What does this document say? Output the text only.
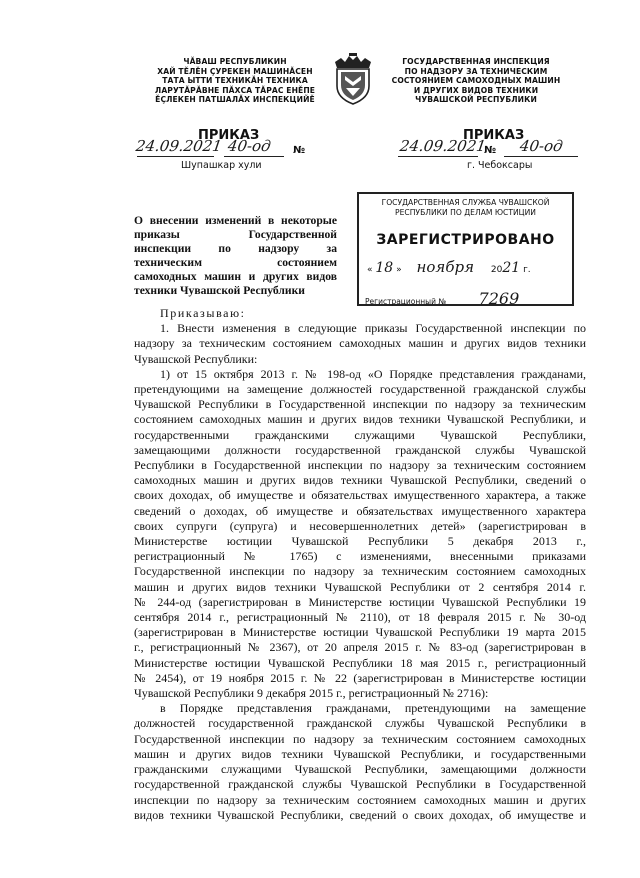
ЧĂВАШ РЕСПУБЛИКИН
ХАЙ ТĔЛĔН ÇУРЕКЕН МАШИНĂСЕН
ТАТА ЫТТИ ТЕХНИКĂН ТЕХНИКА
ЛАРУТĂРĂВНЕ ПĂХСА ТĂРАС ЕНĔПЕ
ĔÇЛЕКЕН ПАТШАЛĂХ ИНСПЕКЦИЙĔ
ГОСУДАРСТВЕННАЯ ИНСПЕКЦИЯ
ПО НАДЗОРУ ЗА ТЕХНИЧЕСКИМ
СОСТОЯНИЕМ САМОХОДНЫХ МАШИН
И ДРУГИХ ВИДОВ ТЕХНИКИ
ЧУВАШСКОЙ РЕСПУБЛИКИ
ПРИКАЗ
24.09.2021 40-од №
Шупашкар хули
ПРИКАЗ
24.09.2021
№ 40-од
г. Чебоксары
О внесении изменений в некоторые
приказы Государственной
инспекции по надзору за
техническим состоянием
самоходных машин и других видов
техники Чувашской Республики
ГОСУДАРСТВЕННАЯ СЛУЖБА ЧУВАШСКОЙ
РЕСПУБЛИКИ ПО ДЕЛАМ ЮСТИЦИИ
ЗАРЕГИСТРИРОВАНО
« 18 » ноября 2021 г.
Регистрационный № 7269
Приказываю:
1. Внести изменения в следующие приказы Государственной инспекции по
надзору за техническим состоянием самоходных машин и других видов техники
Чувашской Республики:
1) от 15 октября 2013 г. № 198-од «О Порядке представления гражданами,
претендующими на замещение должностей государственной гражданской службы
Чувашской Республики в Государственной инспекции по надзору за техническим
состоянием самоходных машин и других видов техники Чувашской Республики, и
государственными гражданскими служащими Чувашской Республики,
замещающими должности государственной гражданской службы Чувашской
Республики в Государственной инспекции по надзору за техническим состоянием
самоходных машин и других видов техники Чувашской Республики, сведений о
своих доходах, об имуществе и обязательствах имущественного характера, а также
сведений о доходах, об имуществе и обязательствах имущественного характера
своих супруги (супруга) и несовершеннолетних детей» (зарегистрирован в
Министерстве юстиции Чувашской Республики 5 декабря 2013 г.,
регистрационный № 1765) с изменениями, внесенными приказами
Государственной инспекции по надзору за техническим состоянием самоходных
машин и других видов техники Чувашской Республики от 2 сентября 2014 г.
№ 244-од (зарегистрирован в Министерстве юстиции Чувашской Республики 19
сентября 2014 г., регистрационный № 2110), от 18 февраля 2015 г. № 30-од
(зарегистрирован в Министерстве юстиции Чувашской Республики 19 марта 2015
г., регистрационный № 2367), от 20 апреля 2015 г. № 83-од (зарегистрирован в
Министерстве юстиции Чувашской Республики 18 мая 2015 г., регистрационный
№ 2454), от 19 ноября 2015 г. № 22 (зарегистрирован в Министерстве юстиции
Чувашской Республики 9 декабря 2015 г., регистрационный № 2716):
в Порядке представления гражданами, претендующими на замещение
должностей государственной гражданской службы Чувашской Республики в
Государственной инспекции по надзору за техническим состоянием самоходных
машин и других видов техники Чувашской Республики, и государственными
гражданскими служащими Чувашской Республики, замещающими должности
государственной гражданской службы Чувашской Республики в Государственной
инспекции по надзору за техническим состоянием самоходных машин и других
видов техники Чувашской Республики, сведений о своих доходах, об имуществе и
